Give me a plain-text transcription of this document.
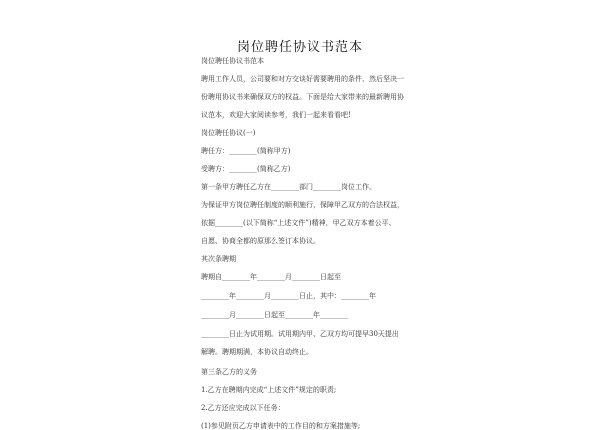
岗位聘任协议书范本

岗位聘任协议书范本

聘用工作人员，公司要和对方交谈好需要聘用的条件、然后坚决一

份聘用协议书来确保双方的权益。下面是给大家带来的最新聘用协

议范本，欢迎大家阅读参考，我们一起来看看吧!

岗位聘任协议(一)

聘任方：________(简称甲方)

受聘方：________(简称乙方)

第一条甲方聘任乙方在________部门________岗位工作。

为保证甲方岗位聘任制度的顺利施行，保障甲乙双方的合法权益，

依据________(以下简称“上述文件”)精神，甲乙双方本着公平、

自愿、协商全都的原那么签订本协议。

其次条聘期

聘期自________年________月________日起至

________年________月________日止，其中：________年

________月________日起至________年________

________日止为试用期。试用期内甲、乙双方均可提早30天提出

解聘。聘期期满，本协议自动终止。

第三条乙方的义务

1.乙方在聘期内完成“上述文件”规定的职责;

2.乙方还应完成以下任务：

(1)参见附页乙方申请表中的工作目的和方案措施等;
